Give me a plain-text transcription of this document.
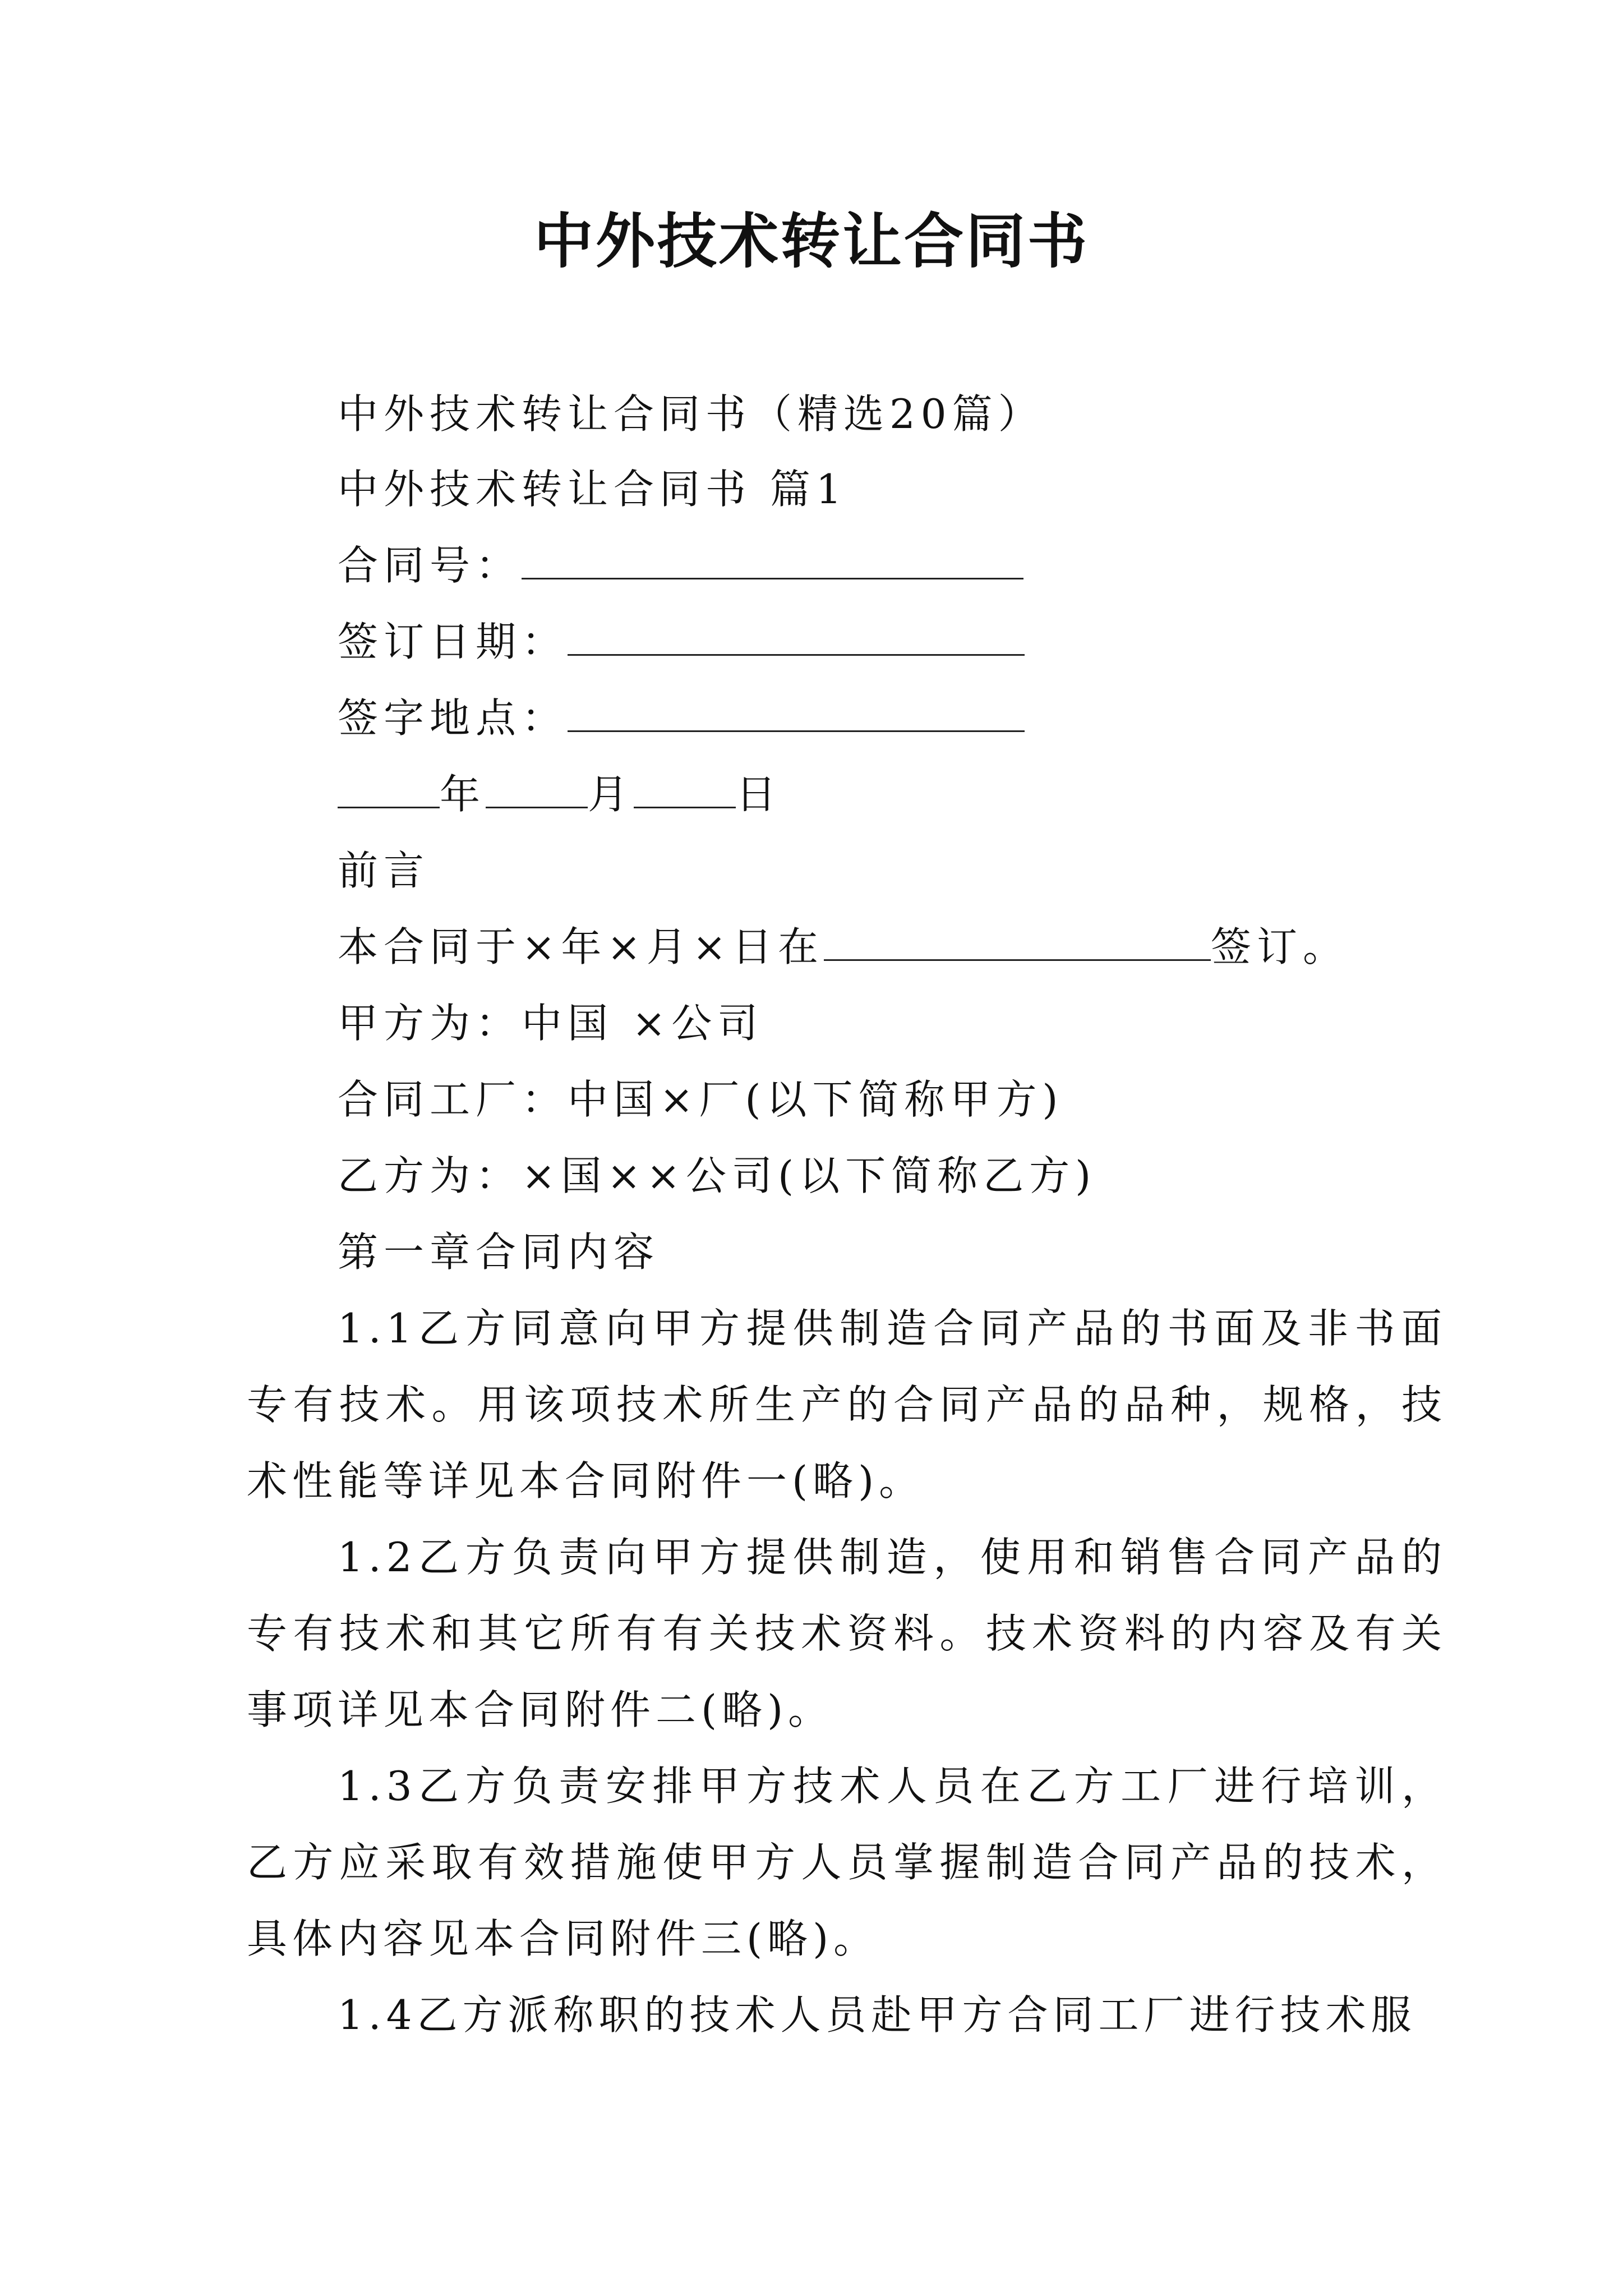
中外技术转让合同书
中外技术转让合同书（精选20篇）
中外技术转让合同书 篇1
合同号：
签订日期：
签字地点：
年	月	日
前言
本合同于×年×月×日在	签订。
甲方为：中国 ×公司
合同工厂：中国×厂(以下简称甲方)
乙方为：×国××公司(以下简称乙方)
第一章合同内容
1.1乙方同意向甲方提供制造合同产品的书面及非书面专有技术。用该项技术所生产的合同产品的品种，规格，技术性能等详见本合同附件一(略)。
1.2乙方负责向甲方提供制造，使用和销售合同产品的专有技术和其它所有有关技术资料。技术资料的内容及有关事项详见本合同附件二(略)。
1.3乙方负责安排甲方技术人员在乙方工厂进行培训，乙方应采取有效措施使甲方人员掌握制造合同产品的技术，具体内容见本合同附件三(略)。
1.4乙方派称职的技术人员赴甲方合同工厂进行技术服
